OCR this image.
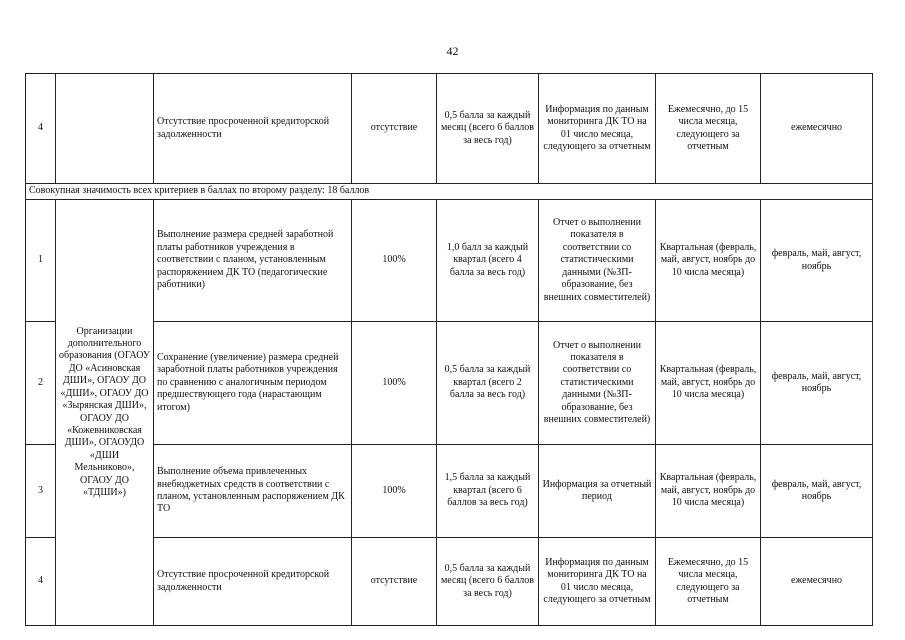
42
4		Отсутствие просроченной кредиторской задолженности	отсутствие	0,5 балла за каждый месяц (всего 6 баллов за весь год)	Информация по данным мониторинга ДК ТО на 01 число месяца, следующего за отчетным	Ежемесячно, до 15 числа месяца, следующего за отчетным	ежемесячно
Совокупная значимость всех критериев в баллах по второму разделу: 18 баллов							
1	Организации дополнительного образования (ОГАОУ ДО «Асиновская ДШИ», ОГАОУ ДО «ДШИ», ОГАОУ ДО «Зырянская ДШИ», ОГАОУ ДО «Кожевниковская ДШИ», ОГАОУДО «ДШИ Мельниково», ОГАОУ ДО «ТДШИ»)	Выполнение размера средней заработной платы работников учреждения в соответствии с планом, установленным распоряжением ДК ТО (педагогические работники)	100%	1,0 балл за каждый квартал (всего 4 балла за весь год)	Отчет о выполнении показателя в соответствии со статистическими данными (№ЗП-образование, без внешних совместителей)	Квартальная (февраль, май, август, ноябрь до 10 числа месяца)	февраль, май, август, ноябрь
2		Сохранение (увеличение) размера средней заработной платы работников учреждения по сравнению с аналогичным периодом предшествующего года (нарастающим итогом)	100%	0,5 балла за каждый квартал (всего 2 балла за весь год)	Отчет о выполнении показателя в соответствии со статистическими данными (№ЗП-образование, без внешних совместителей)	Квартальная (февраль, май, август, ноябрь до 10 числа месяца)	февраль, май, август, ноябрь
3		Выполнение объема привлеченных внебюджетных средств в соответствии с планом, установленным распоряжением ДК ТО	100%	1,5 балла за каждый квартал (всего 6 баллов за весь год)	Информация за отчетный период	Квартальная (февраль, май, август, ноябрь до 10 числа месяца)	февраль, май, август, ноябрь
4		Отсутствие просроченной кредиторской задолженности	отсутствие	0,5 балла за каждый месяц (всего 6 баллов за весь год)	Информация по данным мониторинга ДК ТО на 01 число месяца, следующего за отчетным	Ежемесячно, до 15 числа месяца, следующего за отчетным	ежемесячно
